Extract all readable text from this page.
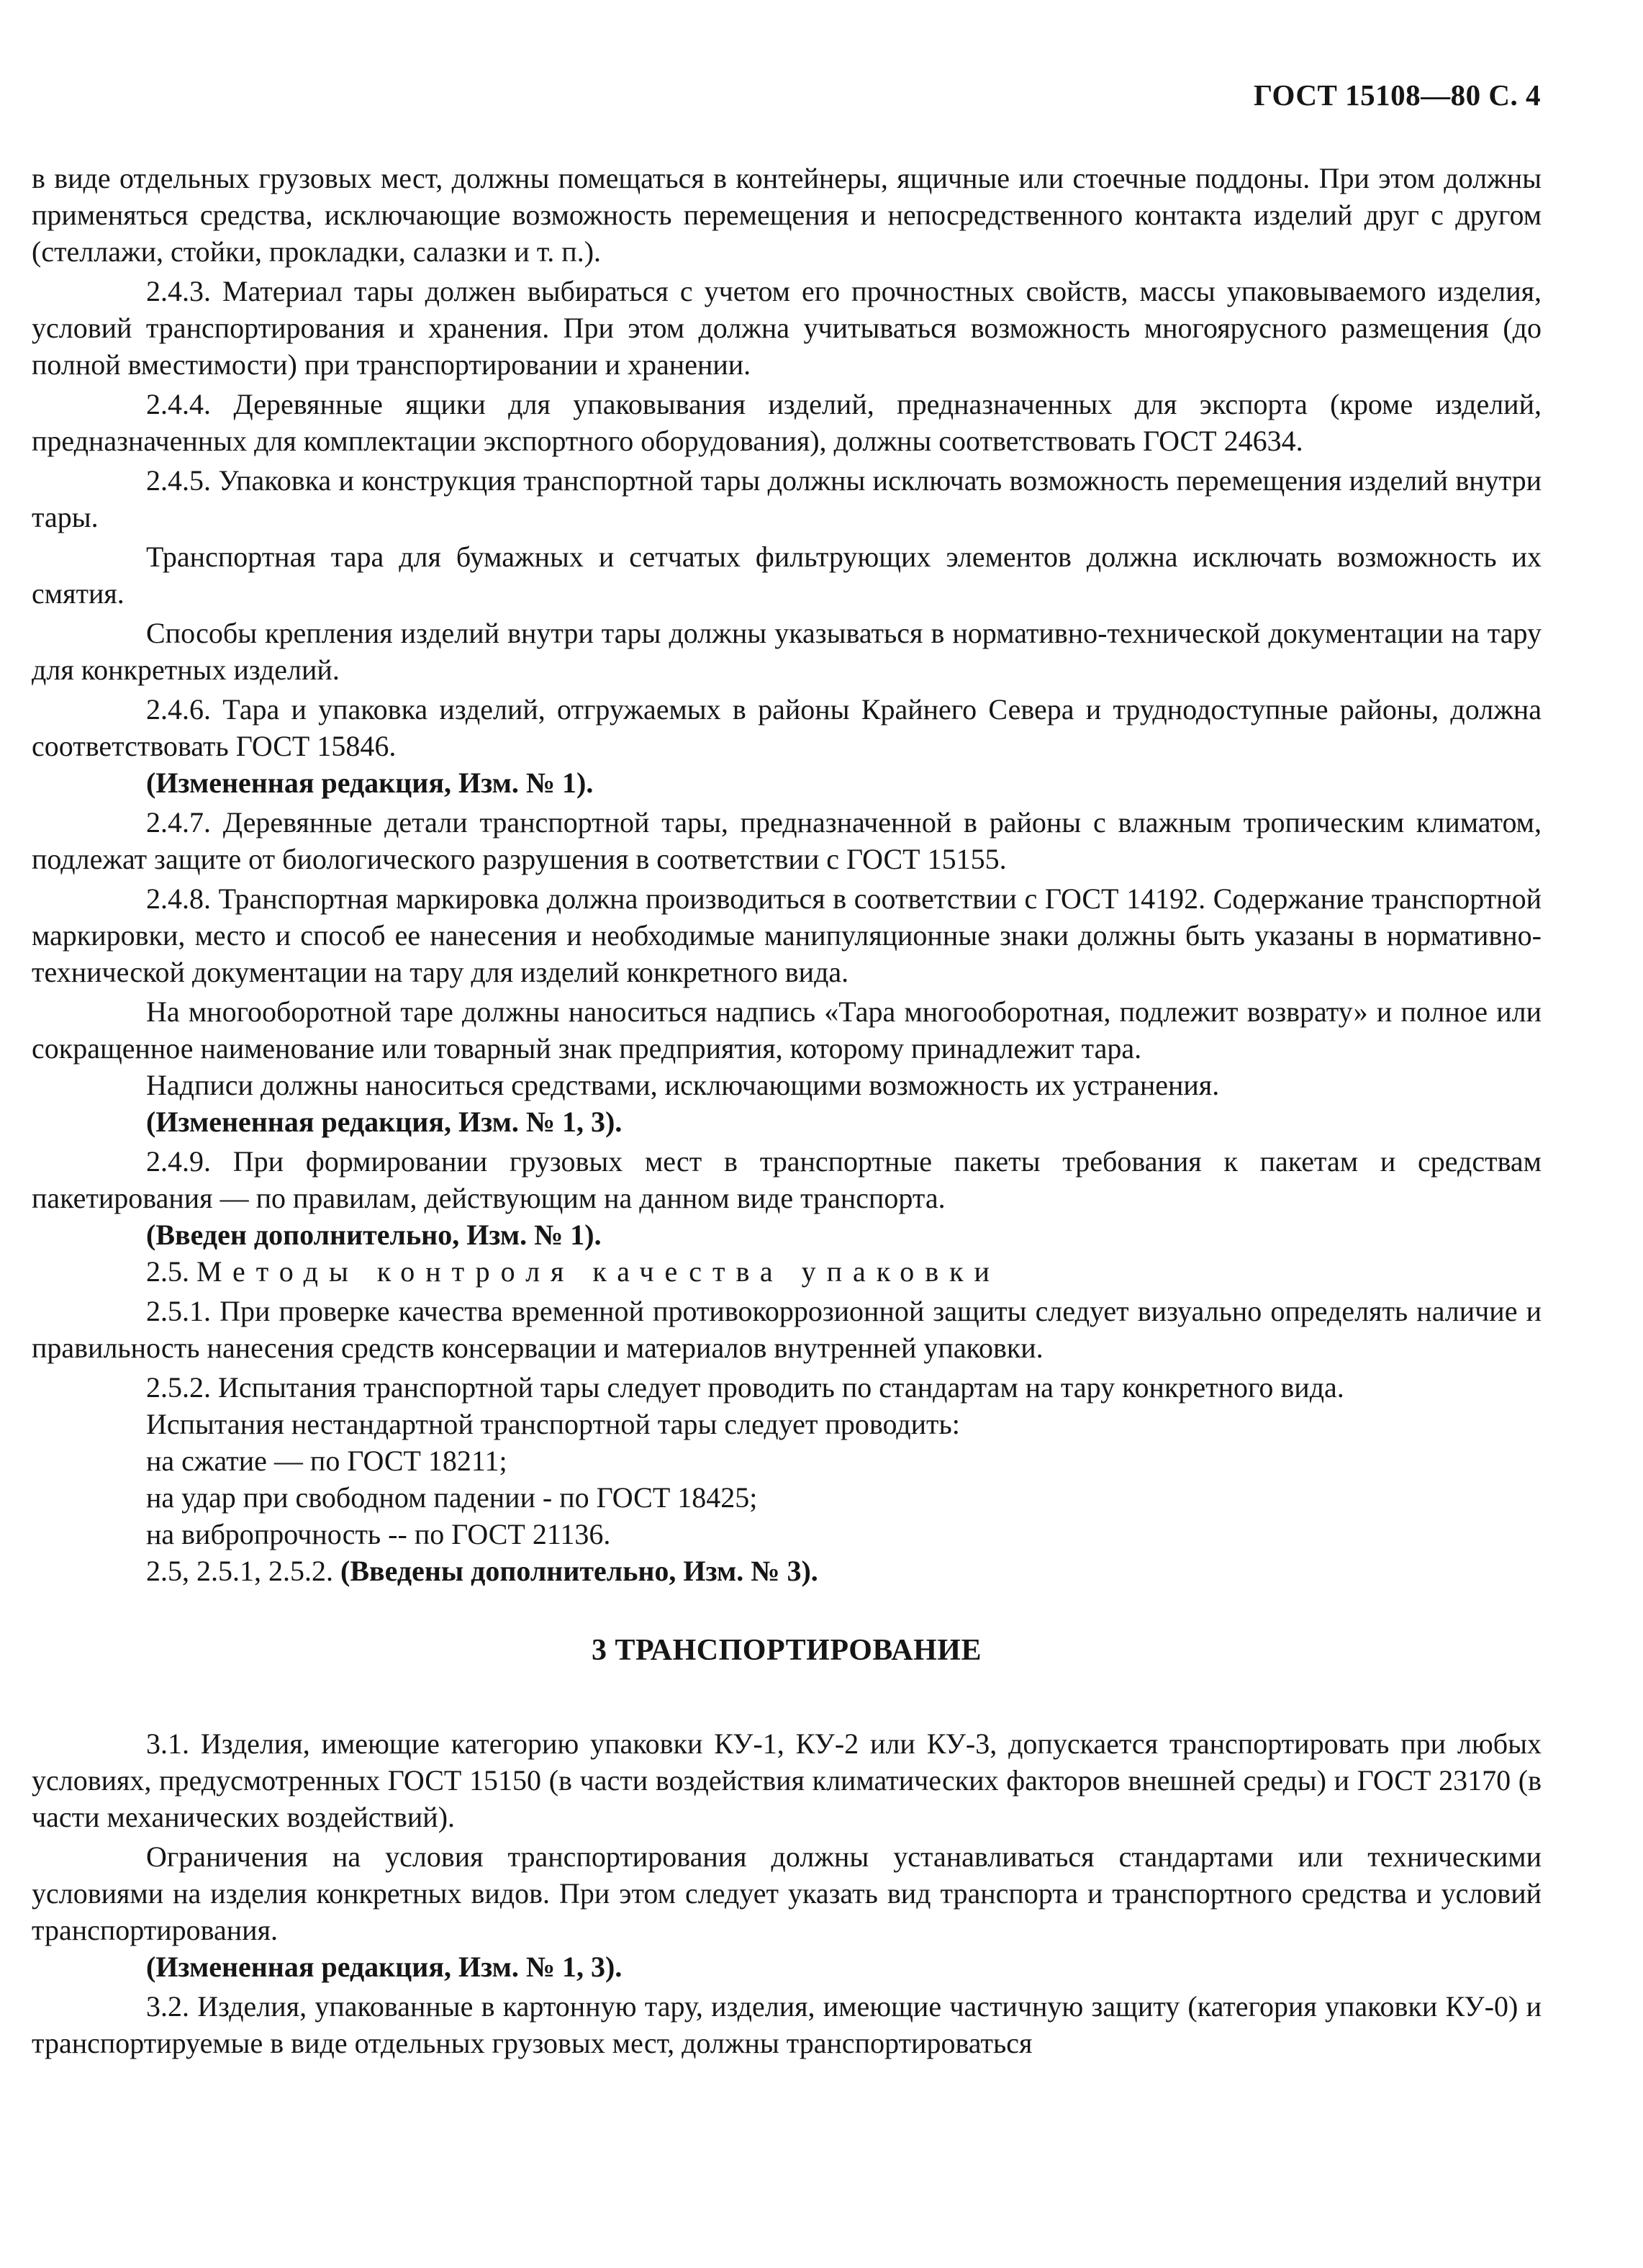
ГОСТ 15108—80 С. 4

в виде отдельных грузовых мест, должны помещаться в контейнеры, ящичные или стоечные поддоны. При этом должны применяться средства, исключающие возможность перемещения и непосредственного контакта изделий друг с другом (стеллажи, стойки, прокладки, салазки и т. п.).

2.4.3. Материал тары должен выбираться с учетом его прочностных свойств, массы упаковываемого изделия, условий транспортирования и хранения. При этом должна учитываться возможность многоярусного размещения (до полной вместимости) при транспортировании и хранении.

2.4.4. Деревянные ящики для упаковывания изделий, предназначенных для экспорта (кроме изделий, предназначенных для комплектации экспортного оборудования), должны соответствовать ГОСТ 24634.

2.4.5. Упаковка и конструкция транспортной тары должны исключать возможность перемещения изделий внутри тары.

Транспортная тара для бумажных и сетчатых фильтрующих элементов должна исключать возможность их смятия.

Способы крепления изделий внутри тары должны указываться в нормативно-технической документации на тару для конкретных изделий.

2.4.6. Тара и упаковка изделий, отгружаемых в районы Крайнего Севера и труднодоступные районы, должна соответствовать ГОСТ 15846.

(Измененная редакция, Изм. № 1).

2.4.7. Деревянные детали транспортной тары, предназначенной в районы с влажным тропическим климатом, подлежат защите от биологического разрушения в соответствии с ГОСТ 15155.

2.4.8. Транспортная маркировка должна производиться в соответствии с ГОСТ 14192. Содержание транспортной маркировки, место и способ ее нанесения и необходимые манипуляционные знаки должны быть указаны в нормативно-технической документации на тару для изделий конкретного вида.

На многооборотной таре должны наноситься надпись «Тара многооборотная, подлежит возврату» и полное или сокращенное наименование или товарный знак предприятия, которому принадлежит тара.

Надписи должны наноситься средствами, исключающими возможность их устранения.

(Измененная редакция, Изм. № 1, 3).

2.4.9. При формировании грузовых мест в транспортные пакеты требования к пакетам и средствам пакетирования — по правилам, действующим на данном виде транспорта.

(Введен дополнительно, Изм. № 1).

2.5. Методы контроля качества упаковки

2.5.1. При проверке качества временной противокоррозионной защиты следует визуально определять наличие и правильность нанесения средств консервации и материалов внутренней упаковки.

2.5.2. Испытания транспортной тары следует проводить по стандартам на тару конкретного вида.

Испытания нестандартной транспортной тары следует проводить:

на сжатие — по ГОСТ 18211;

на удар при свободном падении - по ГОСТ 18425;

на вибропрочность -- по ГОСТ 21136.

2.5, 2.5.1, 2.5.2. (Введены дополнительно, Изм. № 3).

3 ТРАНСПОРТИРОВАНИЕ

3.1. Изделия, имеющие категорию упаковки КУ-1, КУ-2 или КУ-3, допускается транспортировать при любых условиях, предусмотренных ГОСТ 15150 (в части воздействия климатических факторов внешней среды) и ГОСТ 23170 (в части механических воздействий).

Ограничения на условия транспортирования должны устанавливаться стандартами или техническими условиями на изделия конкретных видов. При этом следует указать вид транспорта и транспортного средства и условий транспортирования.

(Измененная редакция, Изм. № 1, 3).

3.2. Изделия, упакованные в картонную тару, изделия, имеющие частичную защиту (категория упаковки КУ-0) и транспортируемые в виде отдельных грузовых мест, должны транспортироваться
